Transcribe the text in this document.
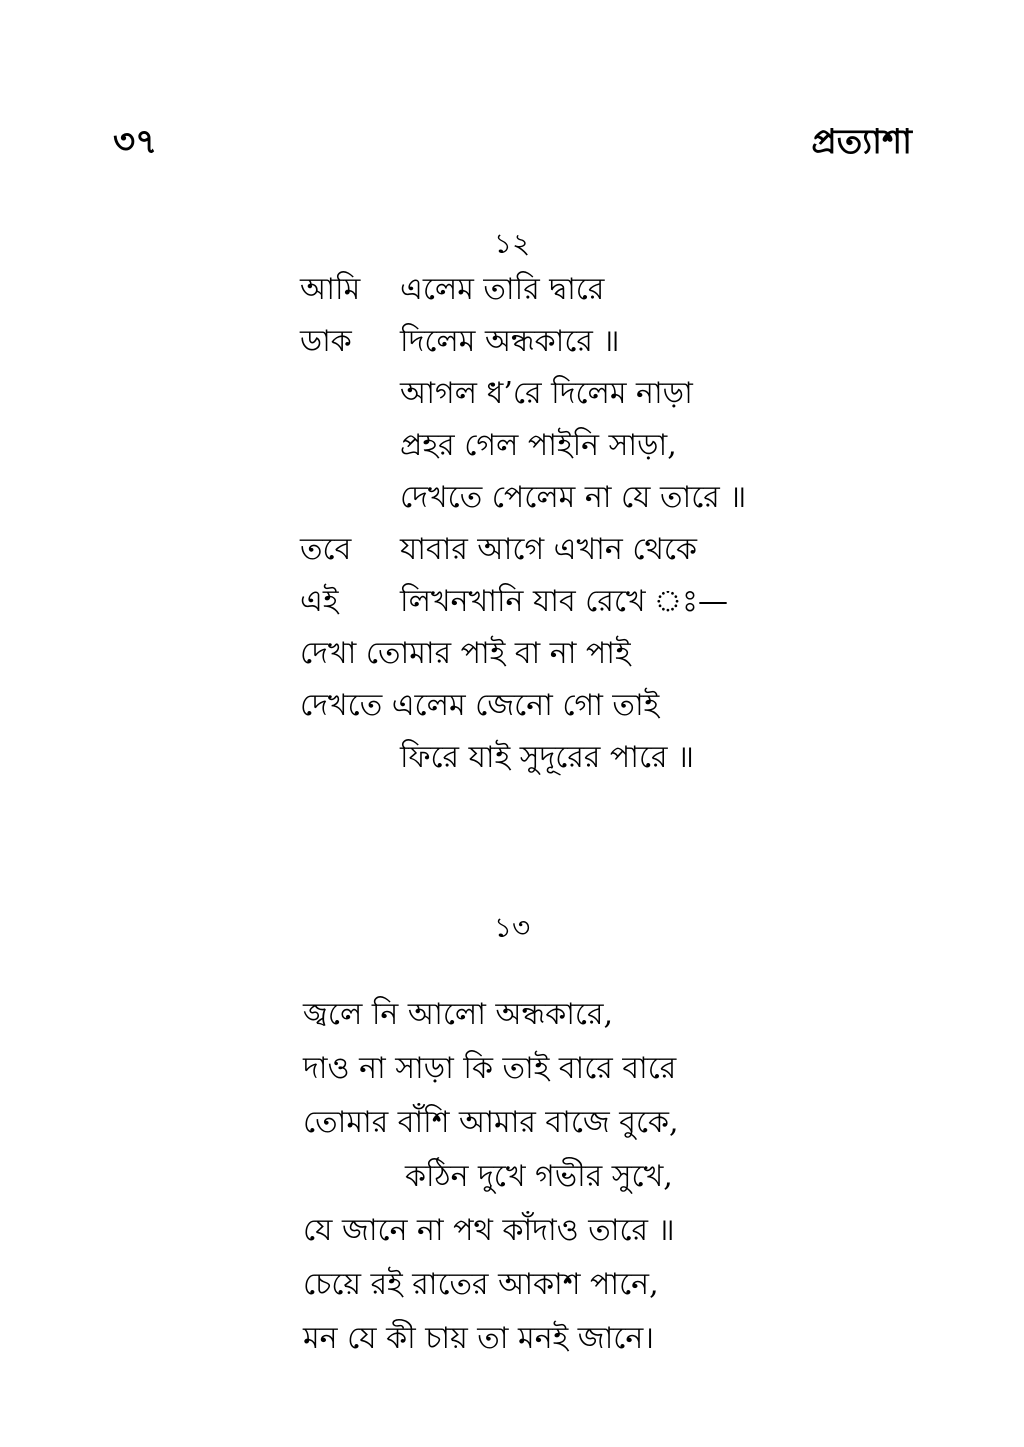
৩৭	প্রত্যাশা
১২
আমি এলেম তারি দ্বারে
ডাক দিলেম অন্ধকারে ॥
আগল ধ’রে দিলেম নাড়া
প্রহর গেল পাইনি সাড়া,
দেখতে পেলেম না যে তারে ॥
তবে যাবার আগে এখান থেকে
এই লিখনখানি যাব রেখে ঃ—
দেখা তোমার পাই বা না পাই
দেখতে এলেম জেনো গো তাই
ফিরে যাই সুদূরের পারে ॥
১৩
জ্বলে নি আলো অন্ধকারে,
দাও না সাড়া কি তাই বারে বারে
তোমার বাঁশি আমার বাজে বুকে,
কঠিন দুখে গভীর সুখে,
যে জানে না পথ কাঁদাও তারে ॥
চেয়ে রই রাতের আকাশ পানে,
মন যে কী চায় তা মনই জানে।
